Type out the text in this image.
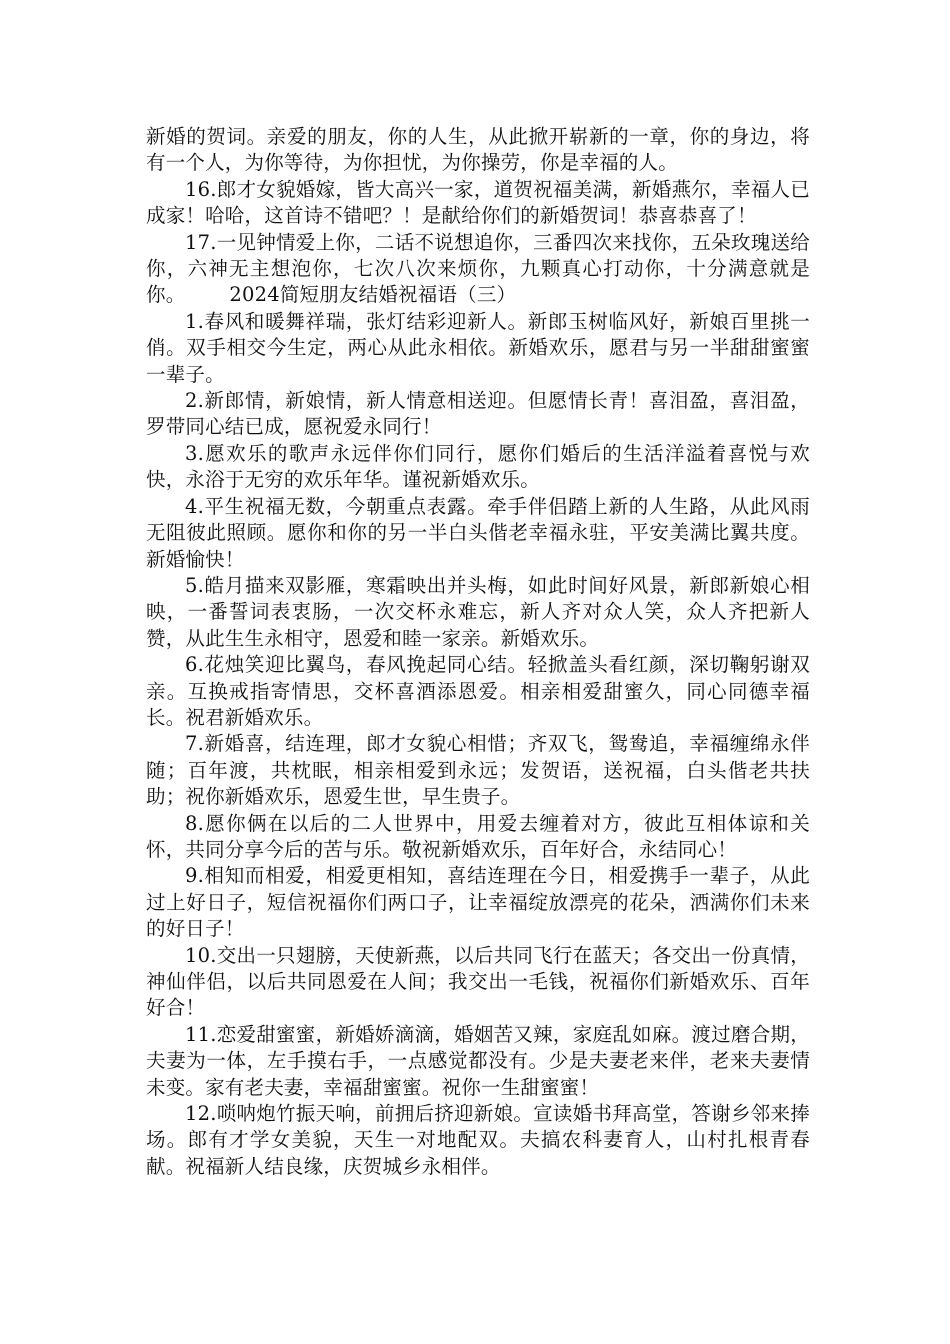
新婚的贺词。亲爱的朋友，你的人生，从此掀开崭新的一章，你的身边，将有一个人，为你等待，为你担忧，为你操劳，你是幸福的人。

16.郎才女貌婚嫁，皆大高兴一家，道贺祝福美满，新婚燕尔，幸福人已成家！哈哈，这首诗不错吧？！是献给你们的新婚贺词！恭喜恭喜了！

17.一见钟情爱上你，二话不说想追你，三番四次来找你，五朵玫瑰送给你，六神无主想泡你，七次八次来烦你，九颗真心打动你，十分满意就是你。 2024简短朋友结婚祝福语（三）

1.春风和暖舞祥瑞，张灯结彩迎新人。新郎玉树临风好，新娘百里挑一俏。双手相交今生定，两心从此永相依。新婚欢乐，愿君与另一半甜甜蜜蜜一辈子。

2.新郎情，新娘情，新人情意相送迎。但愿情长青！喜泪盈，喜泪盈，罗带同心结已成，愿祝爱永同行！

3.愿欢乐的歌声永远伴你们同行，愿你们婚后的生活洋溢着喜悦与欢快，永浴于无穷的欢乐年华。谨祝新婚欢乐。

4.平生祝福无数，今朝重点表露。牵手伴侣踏上新的人生路，从此风雨无阻彼此照顾。愿你和你的另一半白头偕老幸福永驻，平安美满比翼共度。新婚愉快！

5.皓月描来双影雁，寒霜映出并头梅，如此时间好风景，新郎新娘心相映，一番誓词表衷肠，一次交杯永难忘，新人齐对众人笑，众人齐把新人赞，从此生生永相守，恩爱和睦一家亲。新婚欢乐。

6.花烛笑迎比翼鸟，春风挽起同心结。轻掀盖头看红颜，深切鞠躬谢双亲。互换戒指寄情思，交杯喜酒添恩爱。相亲相爱甜蜜久，同心同德幸福长。祝君新婚欢乐。

7.新婚喜，结连理，郎才女貌心相惜；齐双飞，鸳鸯追，幸福缠绵永伴随；百年渡，共枕眠，相亲相爱到永远；发贺语，送祝福，白头偕老共扶助；祝你新婚欢乐，恩爱生世，早生贵子。

8.愿你俩在以后的二人世界中，用爱去缠着对方，彼此互相体谅和关怀，共同分享今后的苦与乐。敬祝新婚欢乐，百年好合，永结同心！

9.相知而相爱，相爱更相知，喜结连理在今日，相爱携手一辈子，从此过上好日子，短信祝福你们两口子，让幸福绽放漂亮的花朵，洒满你们未来的好日子！

10.交出一只翅膀，天使新燕，以后共同飞行在蓝天；各交出一份真情，神仙伴侣，以后共同恩爱在人间；我交出一毛钱，祝福你们新婚欢乐、百年好合！

11.恋爱甜蜜蜜，新婚娇滴滴，婚姻苦又辣，家庭乱如麻。渡过磨合期，夫妻为一体，左手摸右手，一点感觉都没有。少是夫妻老来伴，老来夫妻情未变。家有老夫妻，幸福甜蜜蜜。祝你一生甜蜜蜜！

12.唢呐炮竹振天响，前拥后挤迎新娘。宣读婚书拜高堂，答谢乡邻来捧场。郎有才学女美貌，天生一对地配双。夫搞农科妻育人，山村扎根青春献。祝福新人结良缘，庆贺城乡永相伴。
